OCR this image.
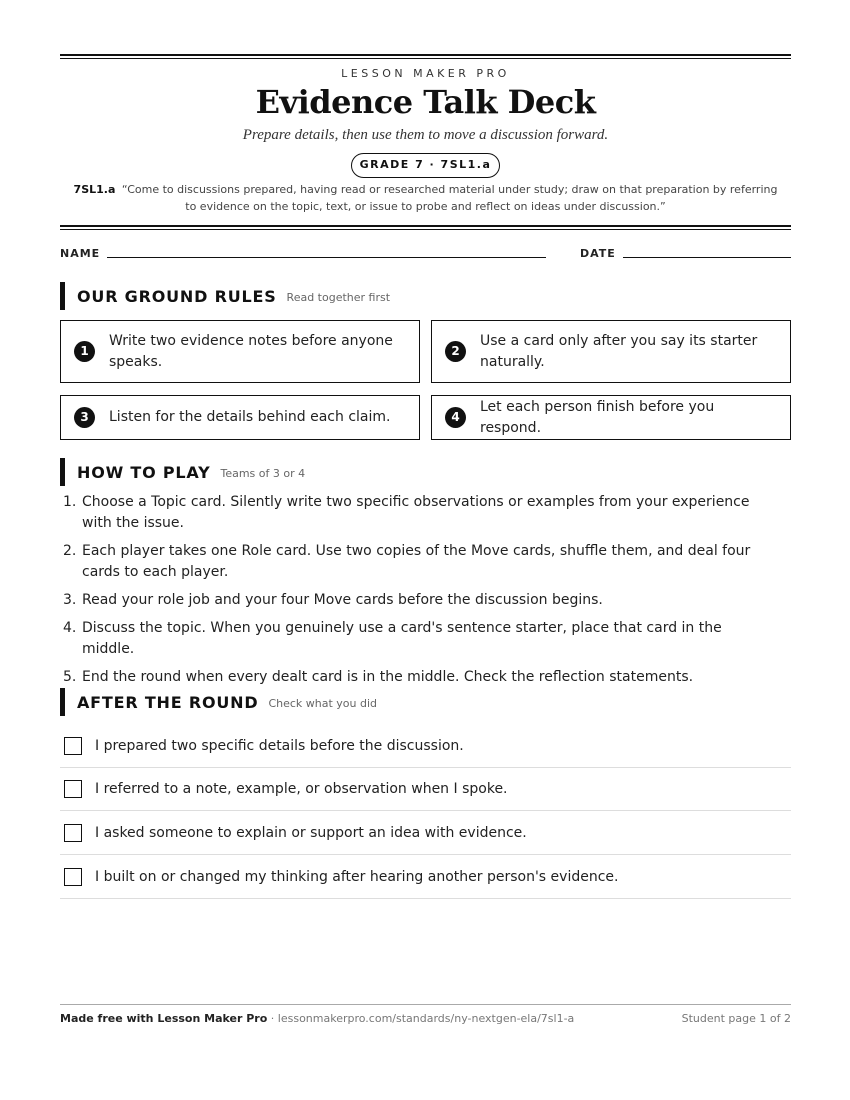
LESSON MAKER PRO
Evidence Talk Deck
Prepare details, then use them to move a discussion forward.
GRADE 7 · 7SL1.a
7SL1.a “Come to discussions prepared, having read or researched material under study; draw on that preparation by referring to evidence on the topic, text, or issue to probe and reflect on ideas under discussion.”
NAME	DATE
OUR GROUND RULES Read together first
1
Write two evidence notes before anyone speaks.
2
Use a card only after you say its starter naturally.
3	Listen for the details behind each claim.	4
Let each person finish before you respond.
HOW TO PLAY Teams of 3 or 4
1. Choose a Topic card. Silently write two specific observations or examples from your experience with the issue.
2. Each player takes one Role card. Use two copies of the Move cards, shuffle them, and deal four cards to each player.
3. Read your role job and your four Move cards before the discussion begins.
4. Discuss the topic. When you genuinely use a card's sentence starter, place that card in the middle.
5. End the round when every dealt card is in the middle. Check the reflection statements.
AFTER THE ROUND Check what you did
I prepared two specific details before the discussion.
I referred to a note, example, or observation when I spoke.
I asked someone to explain or support an idea with evidence.
I built on or changed my thinking after hearing another person's evidence.
Made free with Lesson Maker Pro · lessonmakerpro.com/standards/ny-nextgen-ela/7sl1-a	Student page 1 of 2
